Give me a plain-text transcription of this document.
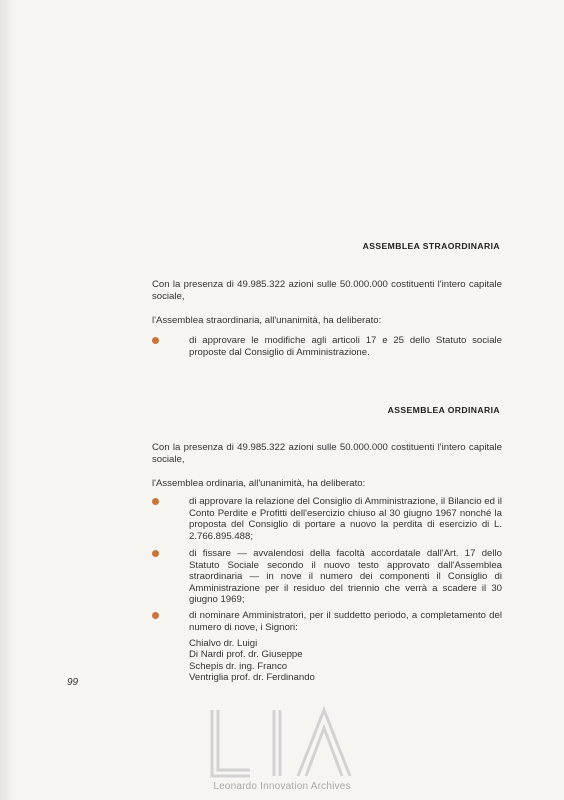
ASSEMBLEA STRAORDINARIA
Con la presenza di 49.985.322 azioni sulle 50.000.000 costituenti l'intero capitale sociale,
l'Assemblea straordinaria, all'unanimità, ha deliberato:
di approvare le modifiche agli articoli 17 e 25 dello Statuto sociale proposte dal Consiglio di Amministrazione.
ASSEMBLEA ORDINARIA
Con la presenza di 49.985.322 azioni sulle 50.000.000 costituenti l'intero capitale sociale,
l'Assemblea ordinaria, all'unanimità, ha deliberato:
di approvare la relazione del Consiglio di Amministrazione, il Bilancio ed il Conto Perdite e Profitti dell'esercizio chiuso al 30 giugno 1967 nonché la proposta del Consiglio di portare a nuovo la perdita di esercizio di L. 2.766.895.488;
di fissare — avvalendosi della facoltà accordatale dall'Art. 17 dello Statuto Sociale secondo il nuovo testo approvato dall'Assemblea straordinaria — in nove il numero dei componenti il Consiglio di Amministrazione per il residuo del triennio che verrà a scadere il 30 giugno 1969;
di nominare Amministratori, per il suddetto periodo, a completamento del numero di nove, i Signori:
Chialvo dr. Luigi
Di Nardi prof. dr. Giuseppe
Schepis dr. ing. Franco
Ventriglia prof. dr. Ferdinando
99
Leonardo Innovation Archives
